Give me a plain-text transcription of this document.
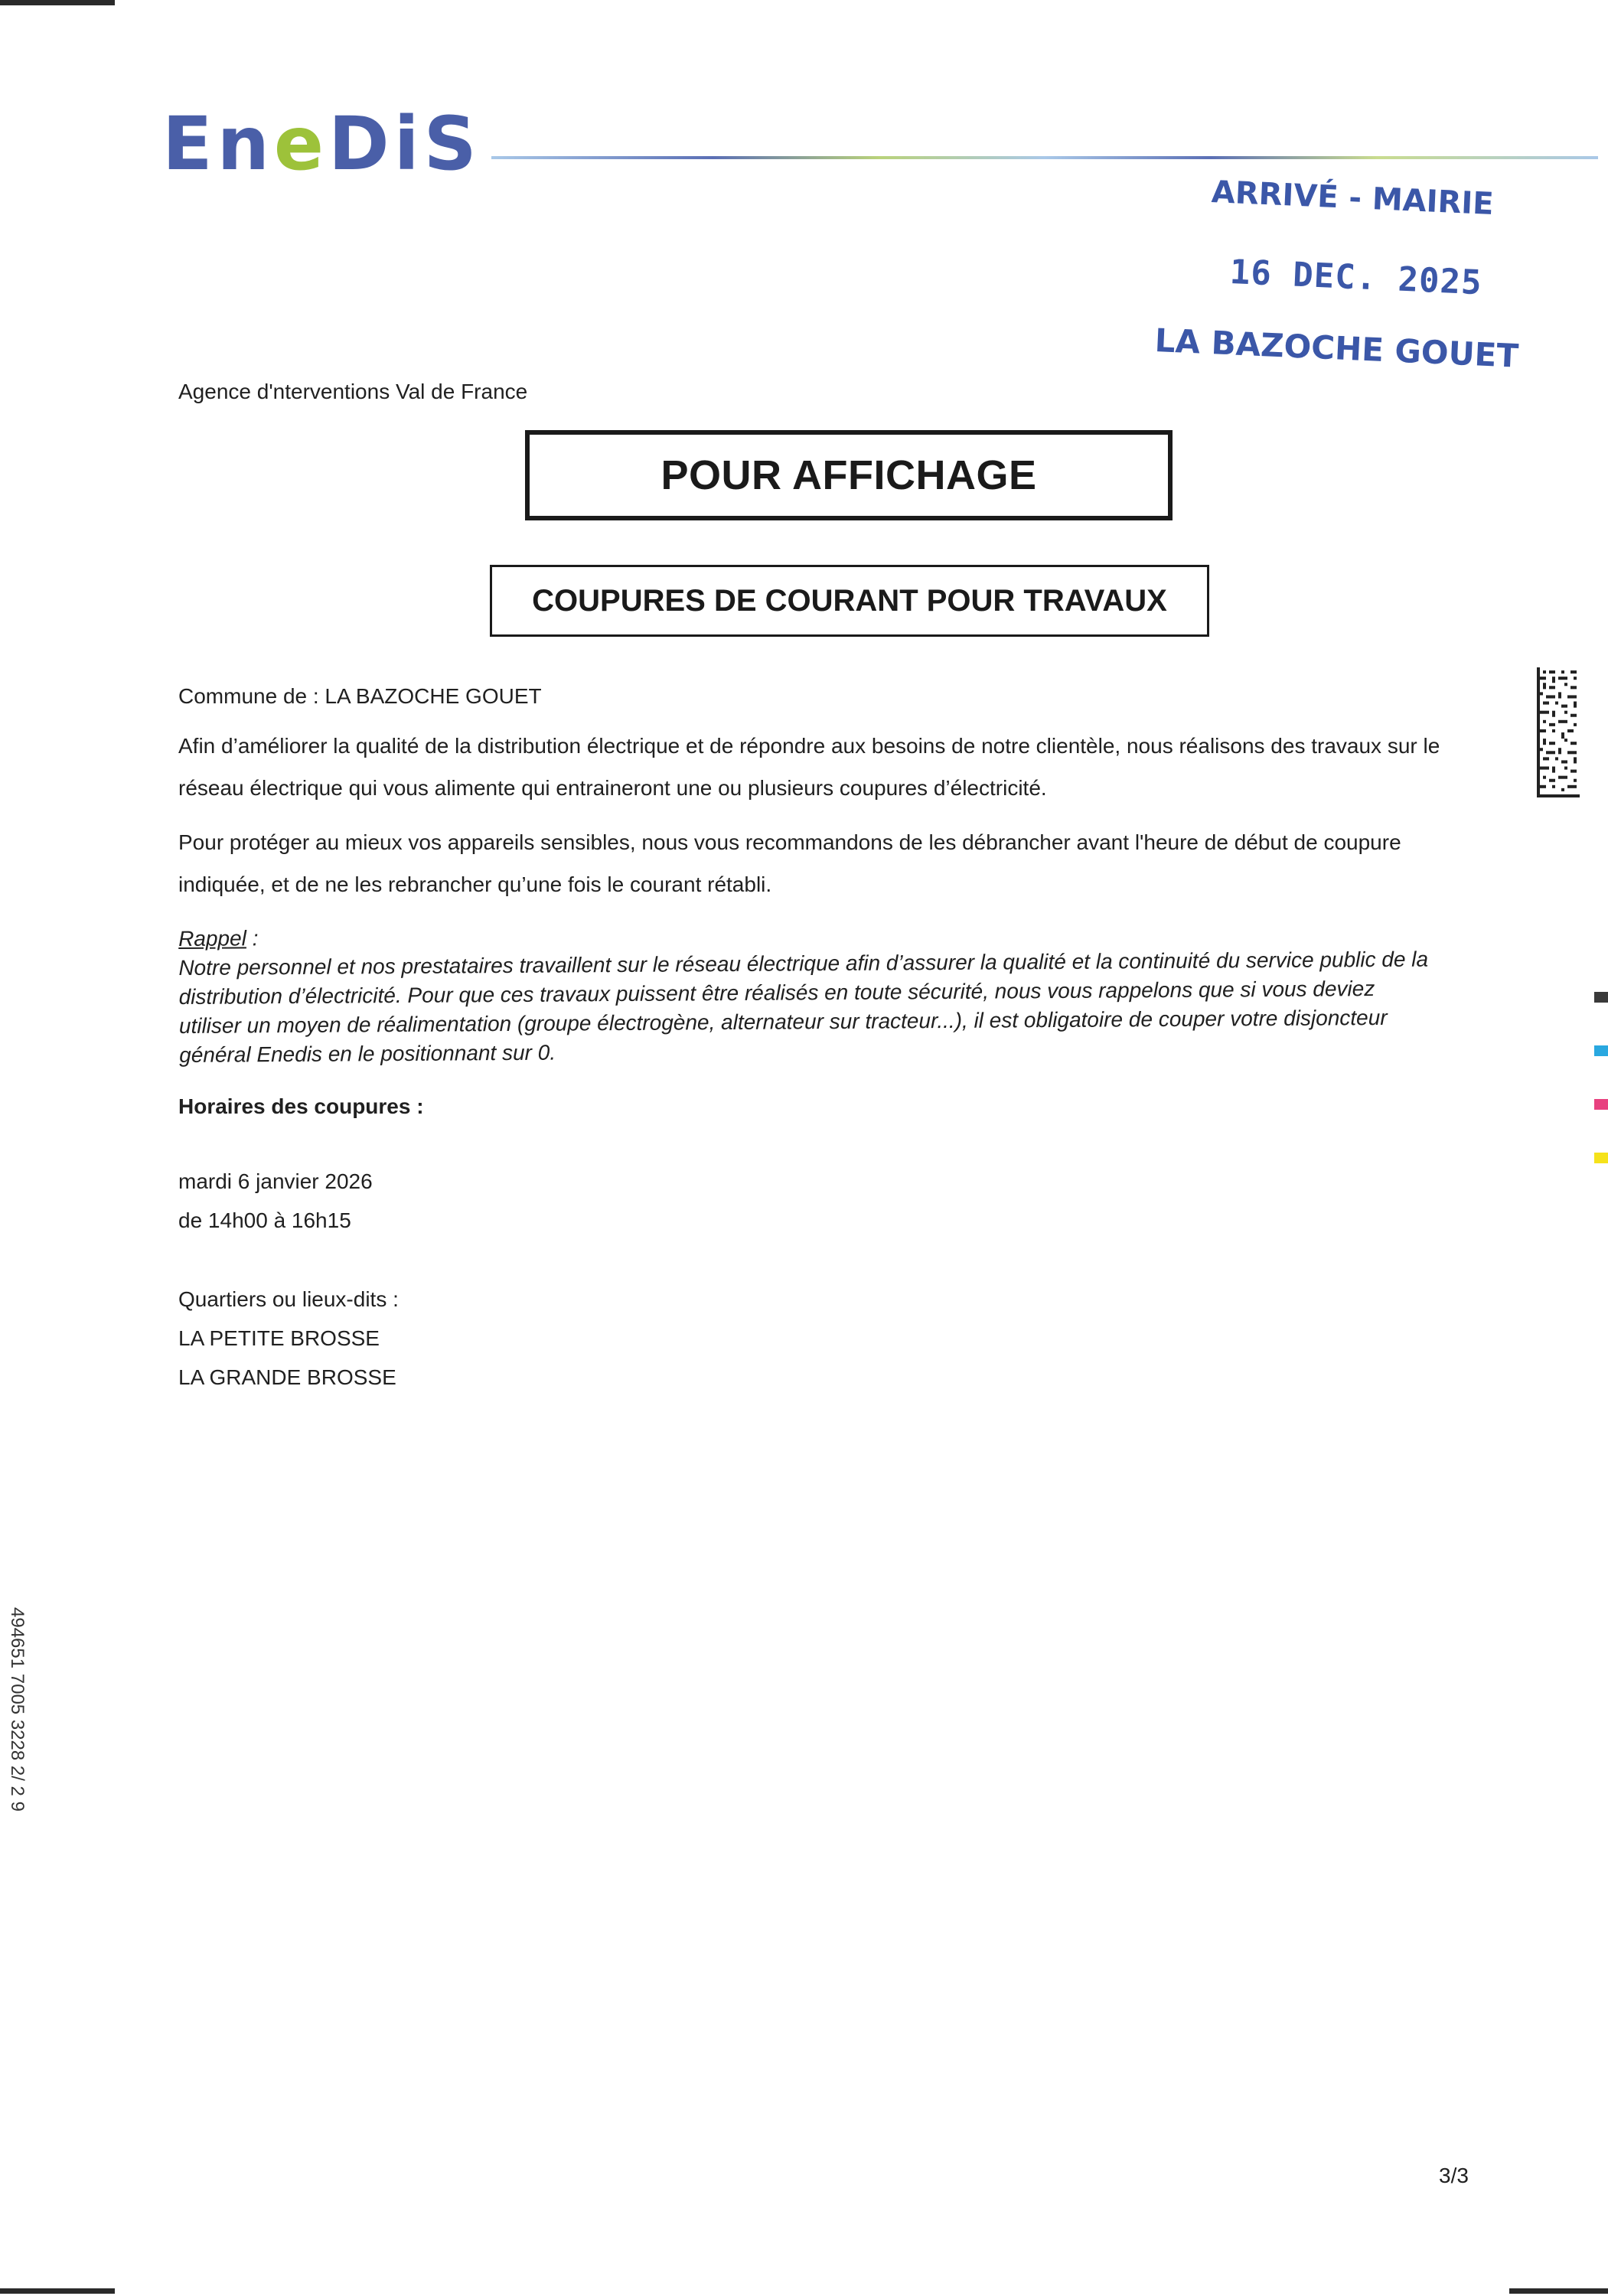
EneDiS
ARRIVÉ - MAIRIE
16 DEC. 2025
LA BAZOCHE GOUET
Agence d'nterventions Val de France
POUR AFFICHAGE
COUPURES DE COURANT POUR TRAVAUX
Commune de : LA BAZOCHE GOUET
Afin d’améliorer la qualité de la distribution électrique et de répondre aux besoins de notre clientèle, nous réalisons des travaux sur le réseau électrique qui vous alimente qui entraineront une ou plusieurs coupures d’électricité.
Pour protéger au mieux vos appareils sensibles, nous vous recommandons de les débrancher avant l'heure de début de coupure indiquée, et de ne les rebrancher qu’une fois le courant rétabli.
Rappel :
Notre personnel et nos prestataires travaillent sur le réseau électrique afin d’assurer la qualité et la continuité du service public de la distribution d’électricité. Pour que ces travaux puissent être réalisés en toute sécurité, nous vous rappelons que si vous deviez utiliser un moyen de réalimentation (groupe électrogène, alternateur sur tracteur...), il est obligatoire de couper votre disjoncteur général Enedis en le positionnant sur 0.
Horaires des coupures :
mardi 6 janvier 2026
de 14h00 à 16h15
Quartiers ou lieux-dits :
LA PETITE BROSSE
LA GRANDE BROSSE
494651 7005 3228 2/ 2 9
3/3
